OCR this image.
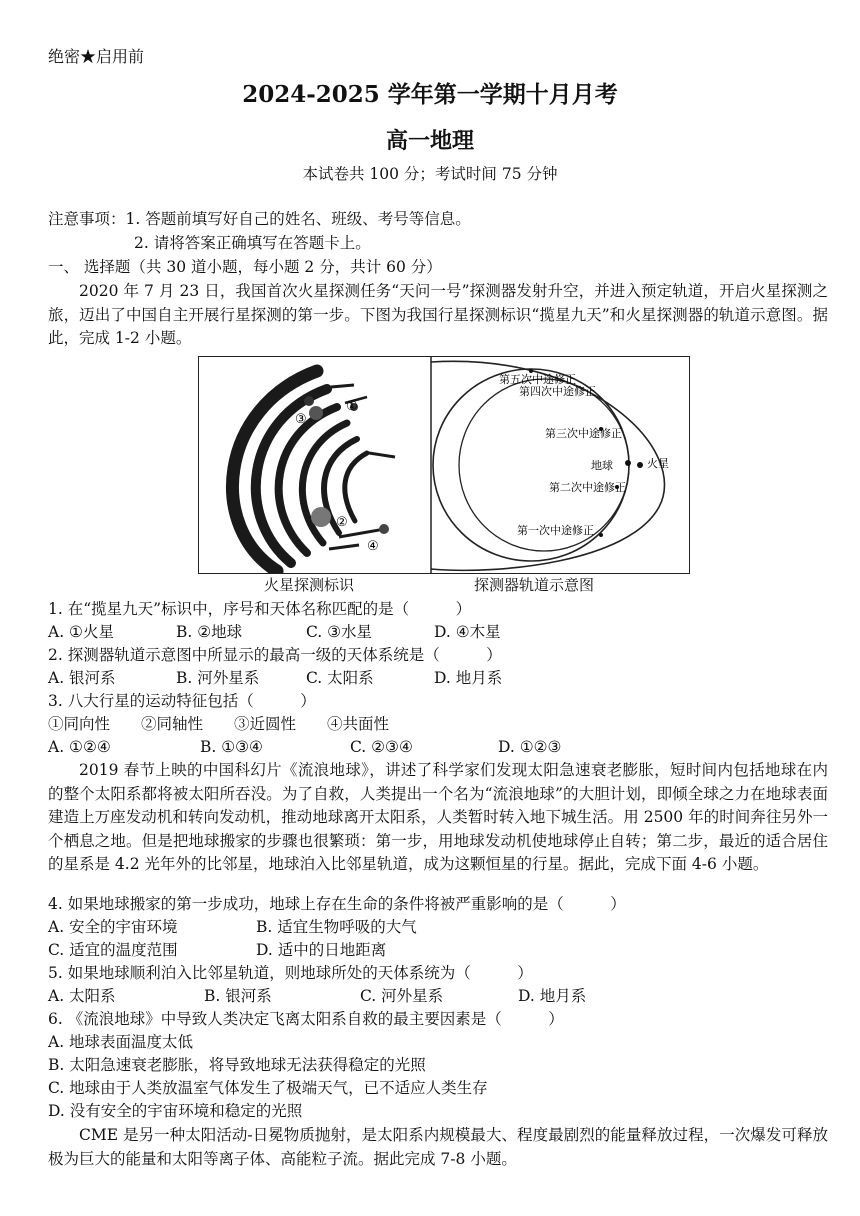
绝密★启用前
2024-2025 学年第一学期十月月考
高一地理
本试卷共 100 分；考试时间 75 分钟
注意事项：1. 答题前填写好自己的姓名、班级、考号等信息。
2. 请将答案正确填写在答题卡上。
一、 选择题（共 30 道小题，每小题 2 分，共计 60 分）
2020 年 7 月 23 日，我国首次火星探测任务“天问一号”探测器发射升空，并进入预定轨道，开启火星探测之旅，迈出了中国自主开展行星探测的第一步。下图为我国行星探测标识“揽星九天”和火星探测器的轨道示意图。据此，完成 1-2 小题。
①
②
③
④
第五次中途修正
第四次中途修正
第三次中途修正
地球	火星
第二次中途修正
第一次中途修正
火星探测标识	探测器轨道示意图
1. 在“揽星九天”标识中，序号和天体名称匹配的是（　　　）
A. ①火星	B. ②地球	C. ③水星	D. ④木星
2. 探测器轨道示意图中所显示的最高一级的天体系统是（　　　）
A. 银河系	B. 河外星系	C. 太阳系	D. 地月系
3. 八大行星的运动特征包括（　　　）
①同向性　　②同轴性　　③近圆性　　④共面性
A. ①②④	B. ①③④	C. ②③④	D. ①②③
2019 春节上映的中国科幻片《流浪地球》，讲述了科学家们发现太阳急速衰老膨胀，短时间内包括地球在内的整个太阳系都将被太阳所吞没。为了自救，人类提出一个名为“流浪地球”的大胆计划，即倾全球之力在地球表面建造上万座发动机和转向发动机，推动地球离开太阳系，人类暂时转入地下城生活。用 2500 年的时间奔往另外一个栖息之地。但是把地球搬家的步骤也很繁琐：第一步，用地球发动机使地球停止自转；第二步，最近的适合居住的星系是 4.2 光年外的比邻星，地球泊入比邻星轨道，成为这颗恒星的行星。据此，完成下面 4-6 小题。
4. 如果地球搬家的第一步成功，地球上存在生命的条件将被严重影响的是（　　　）
A. 安全的宇宙环境	B. 适宜生物呼吸的大气
C. 适宜的温度范围	D. 适中的日地距离
5. 如果地球顺利泊入比邻星轨道，则地球所处的天体系统为（　　　）
A. 太阳系	B. 银河系	C. 河外星系	D. 地月系
6. 《流浪地球》中导致人类决定飞离太阳系自救的最主要因素是（　　　）
A. 地球表面温度太低
B. 太阳急速衰老膨胀，将导致地球无法获得稳定的光照
C. 地球由于人类放温室气体发生了极端天气，已不适应人类生存
D. 没有安全的宇宙环境和稳定的光照
CME 是另一种太阳活动-日冕物质抛射，是太阳系内规模最大、程度最剧烈的能量释放过程，一次爆发可释放极为巨大的能量和太阳等离子体、高能粒子流。据此完成 7-8 小题。
